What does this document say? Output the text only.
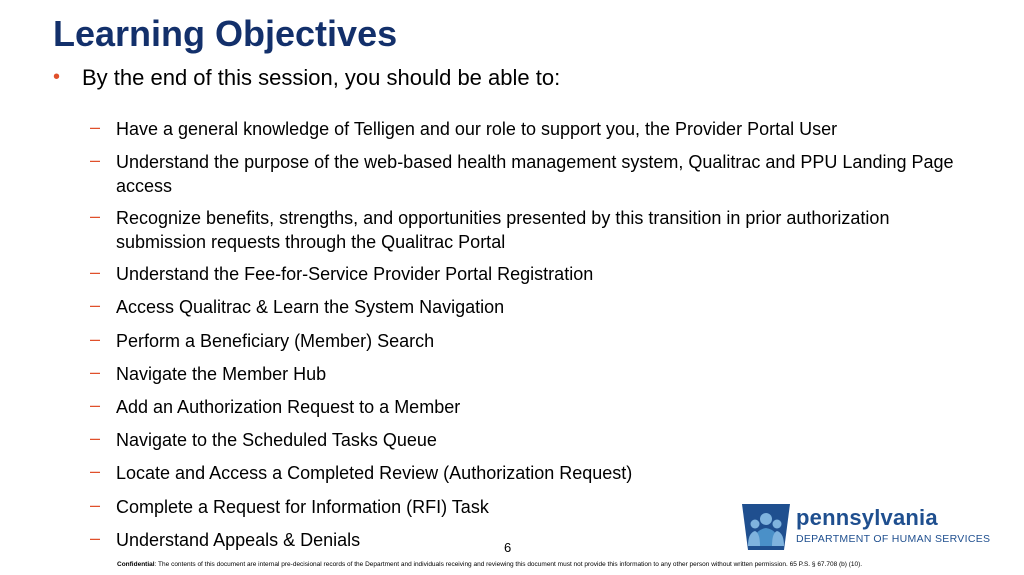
Learning Objectives
• By the end of this session, you should be able to:
– Have a general knowledge of Telligen and our role to support you, the Provider Portal User
– Understand the purpose of the web-based health management system, Qualitrac and PPU Landing Page access
– Recognize benefits, strengths, and opportunities presented by this transition in prior authorization submission requests through the Qualitrac Portal
– Understand the Fee-for-Service Provider Portal Registration
– Access Qualitrac & Learn the System Navigation
– Perform a Beneficiary (Member) Search
– Navigate the Member Hub
– Add an Authorization Request to a Member
– Navigate to the Scheduled Tasks Queue
– Locate and Access a Completed Review (Authorization Request)
– Complete a Request for Information (RFI) Task
– Understand Appeals & Denials	6
Confidential: The contents of this document are internal pre-decisional records of the Department and individuals receiving and reviewing this document must not provide this information to any other person without written permission. 65 P.S. § 67.708 (b) (10).
pennsylvania
DEPARTMENT OF HUMAN SERVICES
